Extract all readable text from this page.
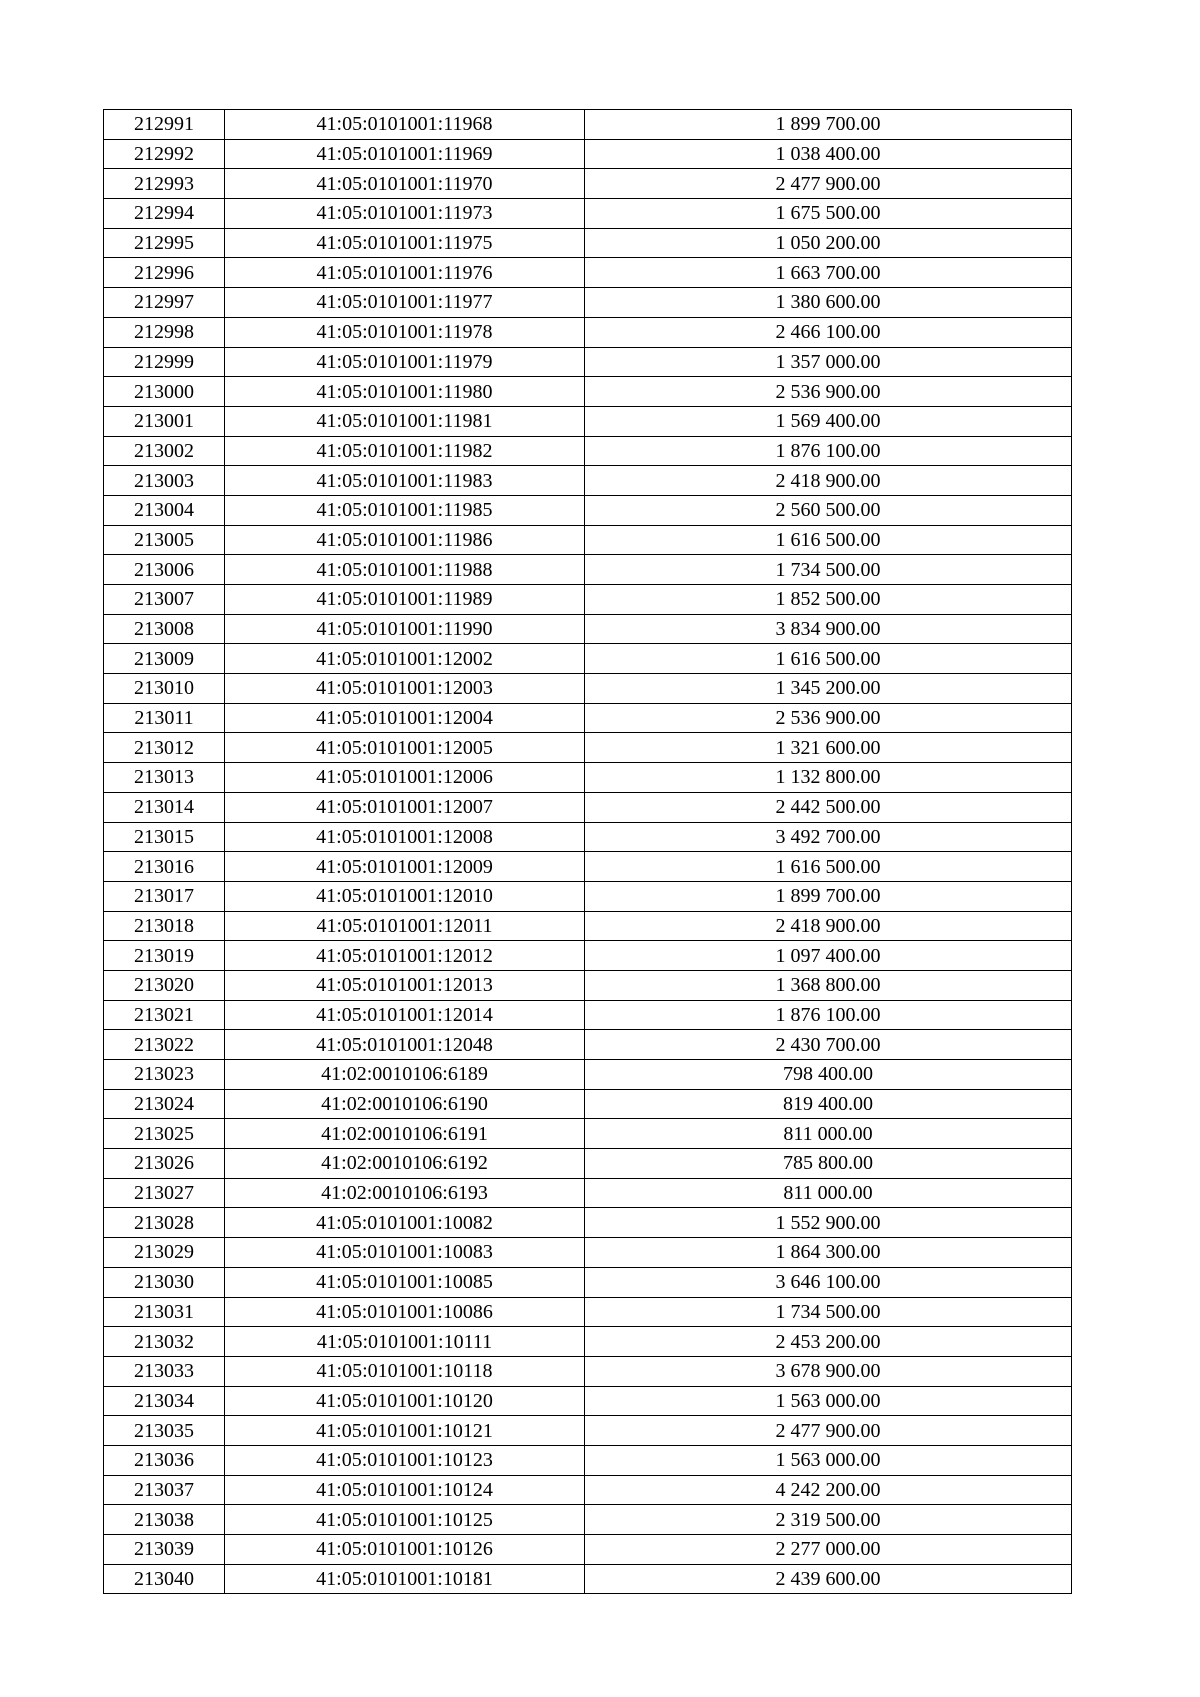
212991	41:05:0101001:11968	1 899 700.00
212992	41:05:0101001:11969	1 038 400.00
212993	41:05:0101001:11970	2 477 900.00
212994	41:05:0101001:11973	1 675 500.00
212995	41:05:0101001:11975	1 050 200.00
212996	41:05:0101001:11976	1 663 700.00
212997	41:05:0101001:11977	1 380 600.00
212998	41:05:0101001:11978	2 466 100.00
212999	41:05:0101001:11979	1 357 000.00
213000	41:05:0101001:11980	2 536 900.00
213001	41:05:0101001:11981	1 569 400.00
213002	41:05:0101001:11982	1 876 100.00
213003	41:05:0101001:11983	2 418 900.00
213004	41:05:0101001:11985	2 560 500.00
213005	41:05:0101001:11986	1 616 500.00
213006	41:05:0101001:11988	1 734 500.00
213007	41:05:0101001:11989	1 852 500.00
213008	41:05:0101001:11990	3 834 900.00
213009	41:05:0101001:12002	1 616 500.00
213010	41:05:0101001:12003	1 345 200.00
213011	41:05:0101001:12004	2 536 900.00
213012	41:05:0101001:12005	1 321 600.00
213013	41:05:0101001:12006	1 132 800.00
213014	41:05:0101001:12007	2 442 500.00
213015	41:05:0101001:12008	3 492 700.00
213016	41:05:0101001:12009	1 616 500.00
213017	41:05:0101001:12010	1 899 700.00
213018	41:05:0101001:12011	2 418 900.00
213019	41:05:0101001:12012	1 097 400.00
213020	41:05:0101001:12013	1 368 800.00
213021	41:05:0101001:12014	1 876 100.00
213022	41:05:0101001:12048	2 430 700.00
213023	41:02:0010106:6189	798 400.00
213024	41:02:0010106:6190	819 400.00
213025	41:02:0010106:6191	811 000.00
213026	41:02:0010106:6192	785 800.00
213027	41:02:0010106:6193	811 000.00
213028	41:05:0101001:10082	1 552 900.00
213029	41:05:0101001:10083	1 864 300.00
213030	41:05:0101001:10085	3 646 100.00
213031	41:05:0101001:10086	1 734 500.00
213032	41:05:0101001:10111	2 453 200.00
213033	41:05:0101001:10118	3 678 900.00
213034	41:05:0101001:10120	1 563 000.00
213035	41:05:0101001:10121	2 477 900.00
213036	41:05:0101001:10123	1 563 000.00
213037	41:05:0101001:10124	4 242 200.00
213038	41:05:0101001:10125	2 319 500.00
213039	41:05:0101001:10126	2 277 000.00
213040	41:05:0101001:10181	2 439 600.00
